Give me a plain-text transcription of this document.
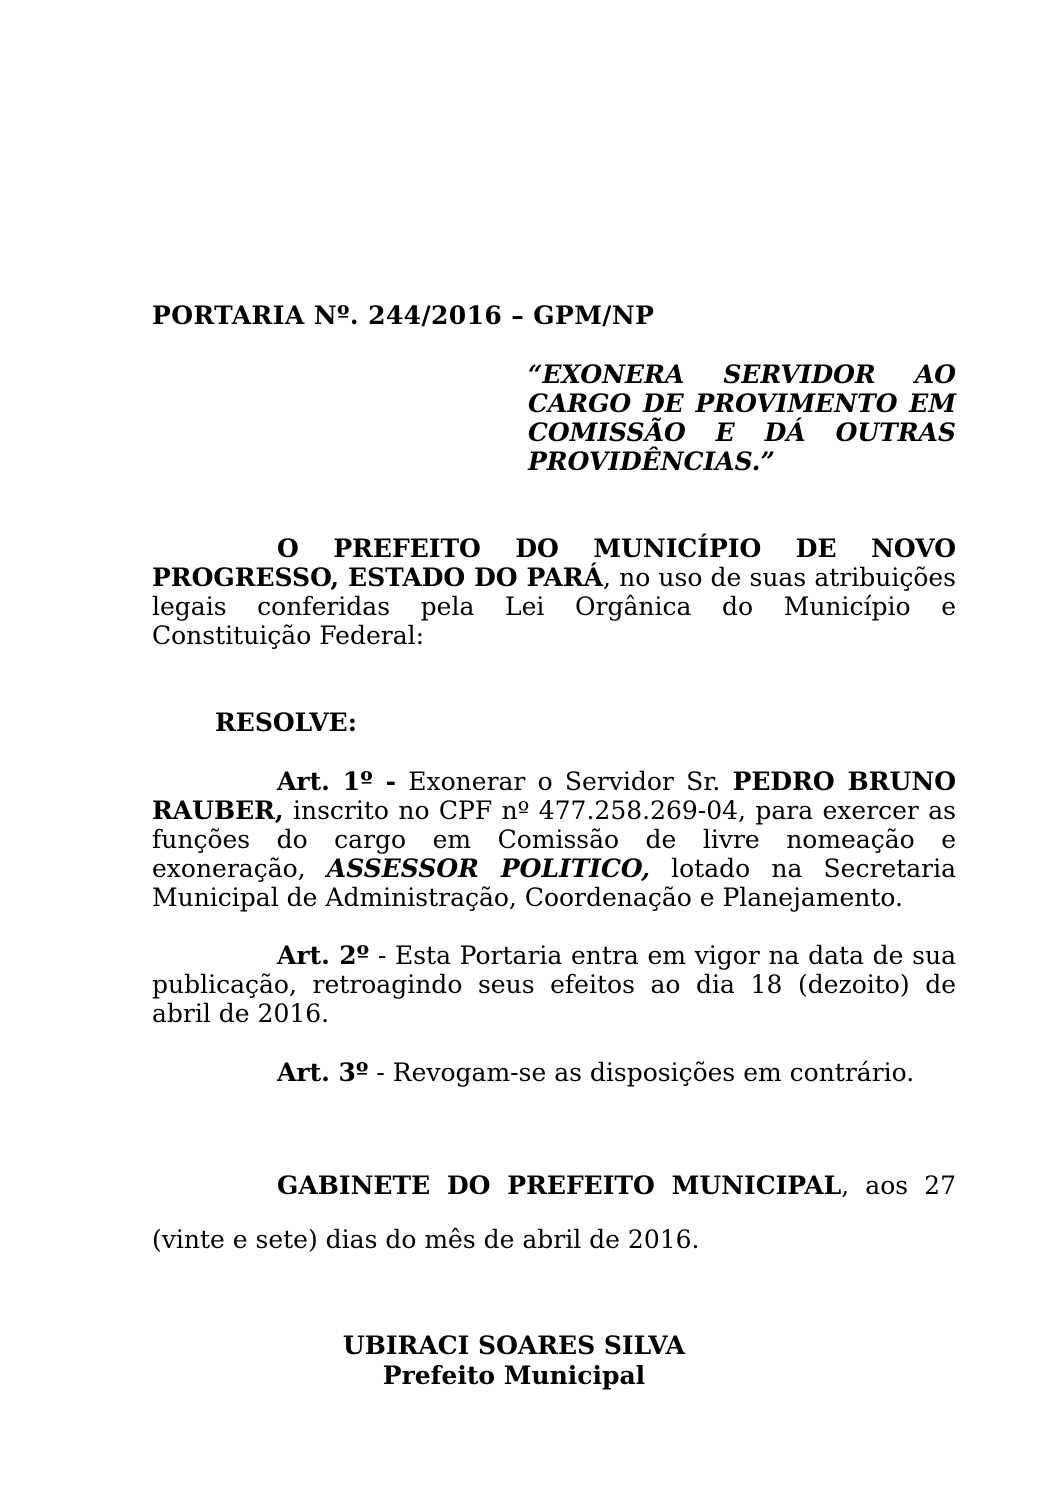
PORTARIA Nº. 244/2016 – GPM/NP
“EXONERA SERVIDOR AO CARGO DE PROVIMENTO EM COMISSÃO E DÁ OUTRAS PROVIDÊNCIAS.”
O PREFEITO DO MUNICÍPIO DE NOVO PROGRESSO, ESTADO DO PARÁ, no uso de suas atribuições legais conferidas pela Lei Orgânica do Município e Constituição Federal:
RESOLVE:
Art. 1º - Exonerar o Servidor Sr. PEDRO BRUNO RAUBER, inscrito no CPF nº 477.258.269-04, para exercer as funções do cargo em Comissão de livre nomeação e exoneração, ASSESSOR POLITICO, lotado na Secretaria Municipal de Administração, Coordenação e Planejamento.
Art. 2º - Esta Portaria entra em vigor na data de sua publicação, retroagindo seus efeitos ao dia 18 (dezoito) de abril de 2016.
Art. 3º - Revogam-se as disposições em contrário.
GABINETE DO PREFEITO MUNICIPAL, aos 27 (vinte e sete) dias do mês de abril de 2016.
UBIRACI SOARES SILVA
Prefeito Municipal
